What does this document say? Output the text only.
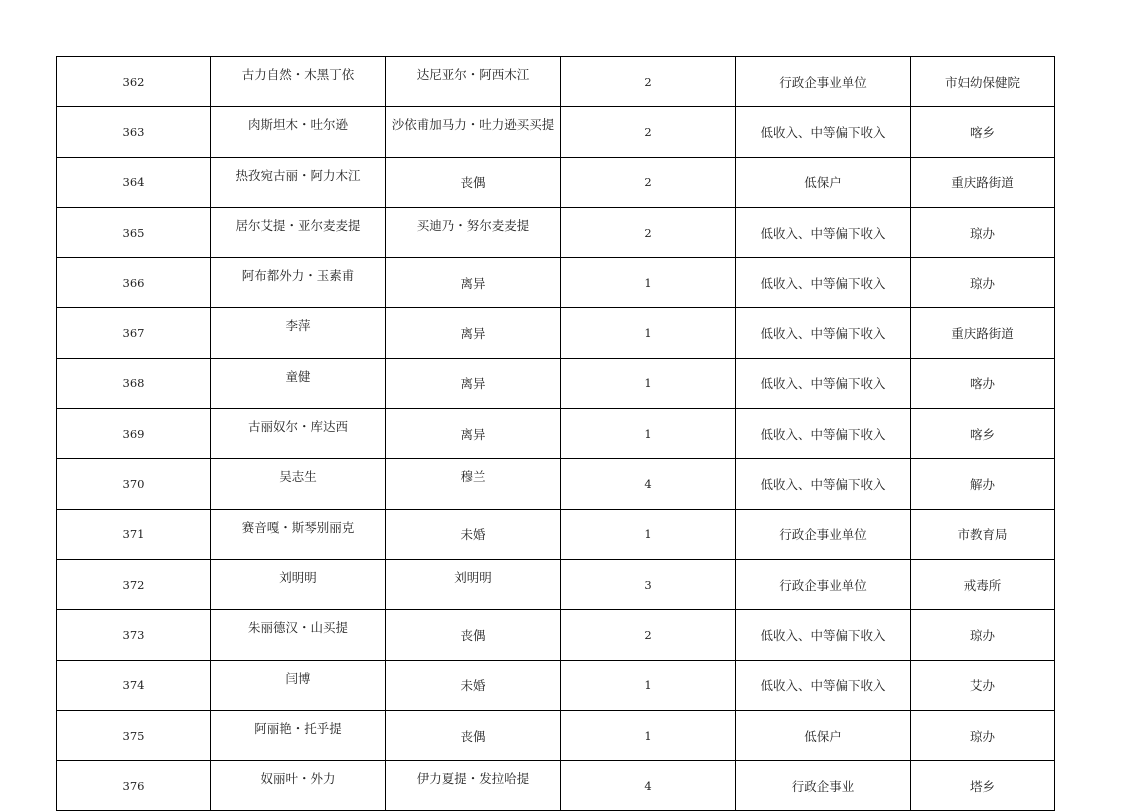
362	古力自然・木黑丁依	达尼亚尔・阿西木江	2	行政企事业单位	市妇幼保健院
363	肉斯坦木・吐尔逊	沙依甫加马力・吐力逊买买提	2	低收入、中等偏下收入	喀乡
364	热孜宛古丽・阿力木江	丧偶	2	低保户	重庆路街道
365	居尔艾提・亚尔麦麦提	买迪乃・努尔麦麦提	2	低收入、中等偏下收入	琼办
366	阿布都外力・玉素甫	离异	1	低收入、中等偏下收入	琼办
367	李萍	离异	1	低收入、中等偏下收入	重庆路街道
368	童健	离异	1	低收入、中等偏下收入	喀办
369	古丽奴尔・库达西	离异	1	低收入、中等偏下收入	喀乡
370	吴志生	穆兰	4	低收入、中等偏下收入	解办
371	赛音嘎・斯琴别丽克	未婚	1	行政企事业单位	市教育局
372	刘明明	刘明明	3	行政企事业单位	戒毒所
373	朱丽德汉・山买提	丧偶	2	低收入、中等偏下收入	琼办
374	闫博	未婚	1	低收入、中等偏下收入	艾办
375	阿丽艳・托乎提	丧偶	1	低保户	琼办
376	奴丽叶・外力	伊力夏提・发拉哈提	4	行政企事业	塔乡
